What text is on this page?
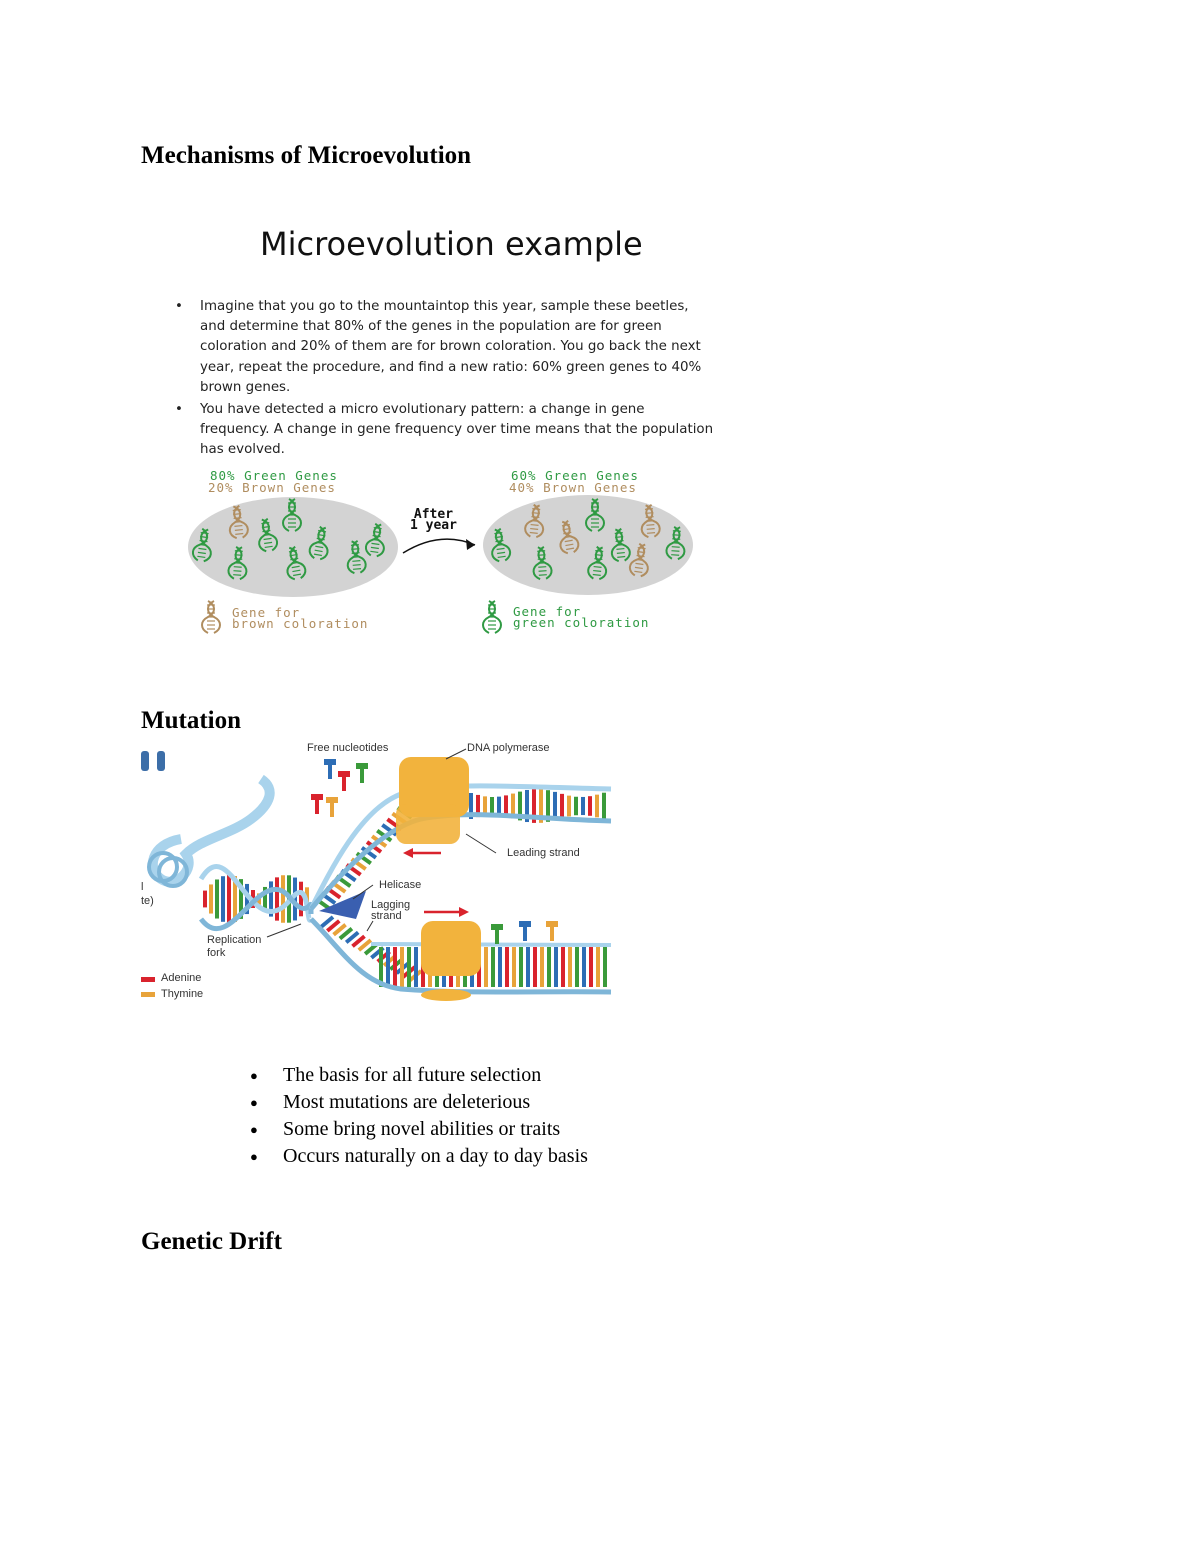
Mechanisms of Microevolution
Microevolution example
• Imagine that you go to the mountaintop this year, sample these beetles, and determine that 80% of the genes in the population are for green coloration and 20% of them are for brown coloration. You go back the next year, repeat the procedure, and find a new ratio: 60% green genes to 40% brown genes.
• You have detected a micro evolutionary pattern: a change in gene frequency. A change in gene frequency over time means that the population has evolved.
80% Green Genes
20% Brown Genes
60% Green Genes
40% Brown Genes
After
1 year
Gene for
brown coloration
Gene for
green coloration
Mutation
Free nucleotides	DNA polymerase
Leading strand
Helicase
Lagging
strand
Replication
fork
Adenine
Thymine
l
te)
● The basis for all future selection
● Most mutations are deleterious
● Some bring novel abilities or traits
● Occurs naturally on a day to day basis
Genetic Drift
